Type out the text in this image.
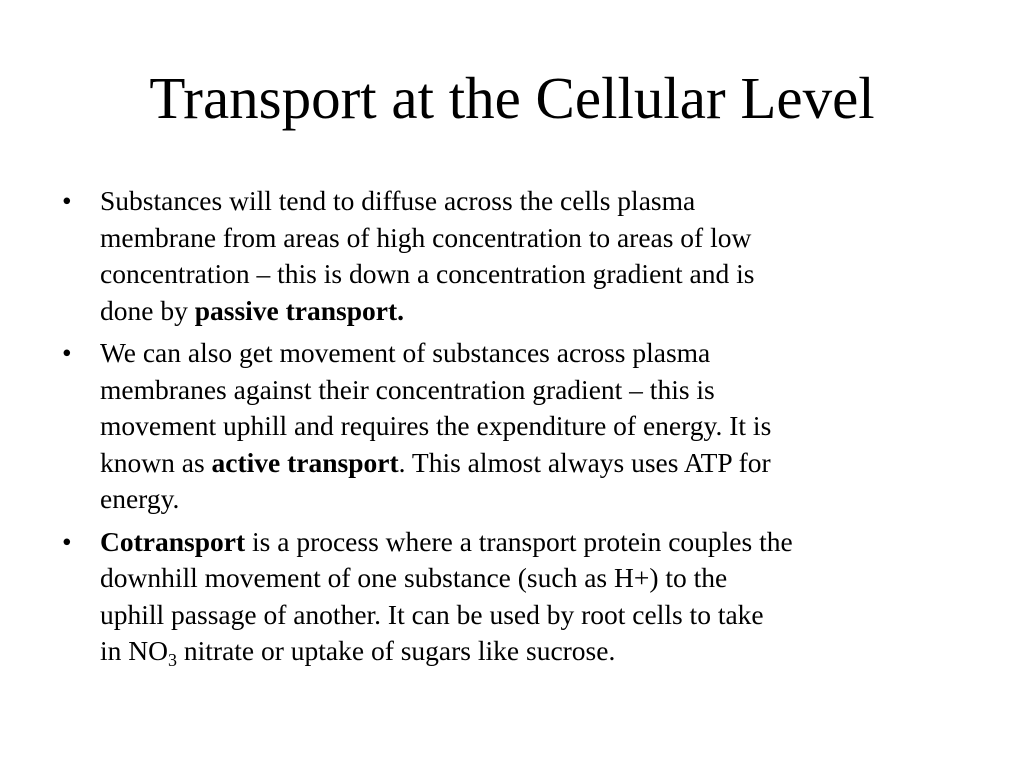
Transport at the Cellular Level
•	Substances will tend to diffuse across the cells plasma
membrane from areas of high concentration to areas of low
concentration – this is down a concentration gradient and is
done by passive transport.
•	We can also get movement of substances across plasma
membranes against their concentration gradient – this is
movement uphill and requires the expenditure of energy. It is
known as active transport. This almost always uses ATP for
energy.
•	Cotransport is a process where a transport protein couples the
downhill movement of one substance (such as H+) to the
uphill passage of another. It can be used by root cells to take
in $NO_3$ nitrate or uptake of sugars like sucrose.
